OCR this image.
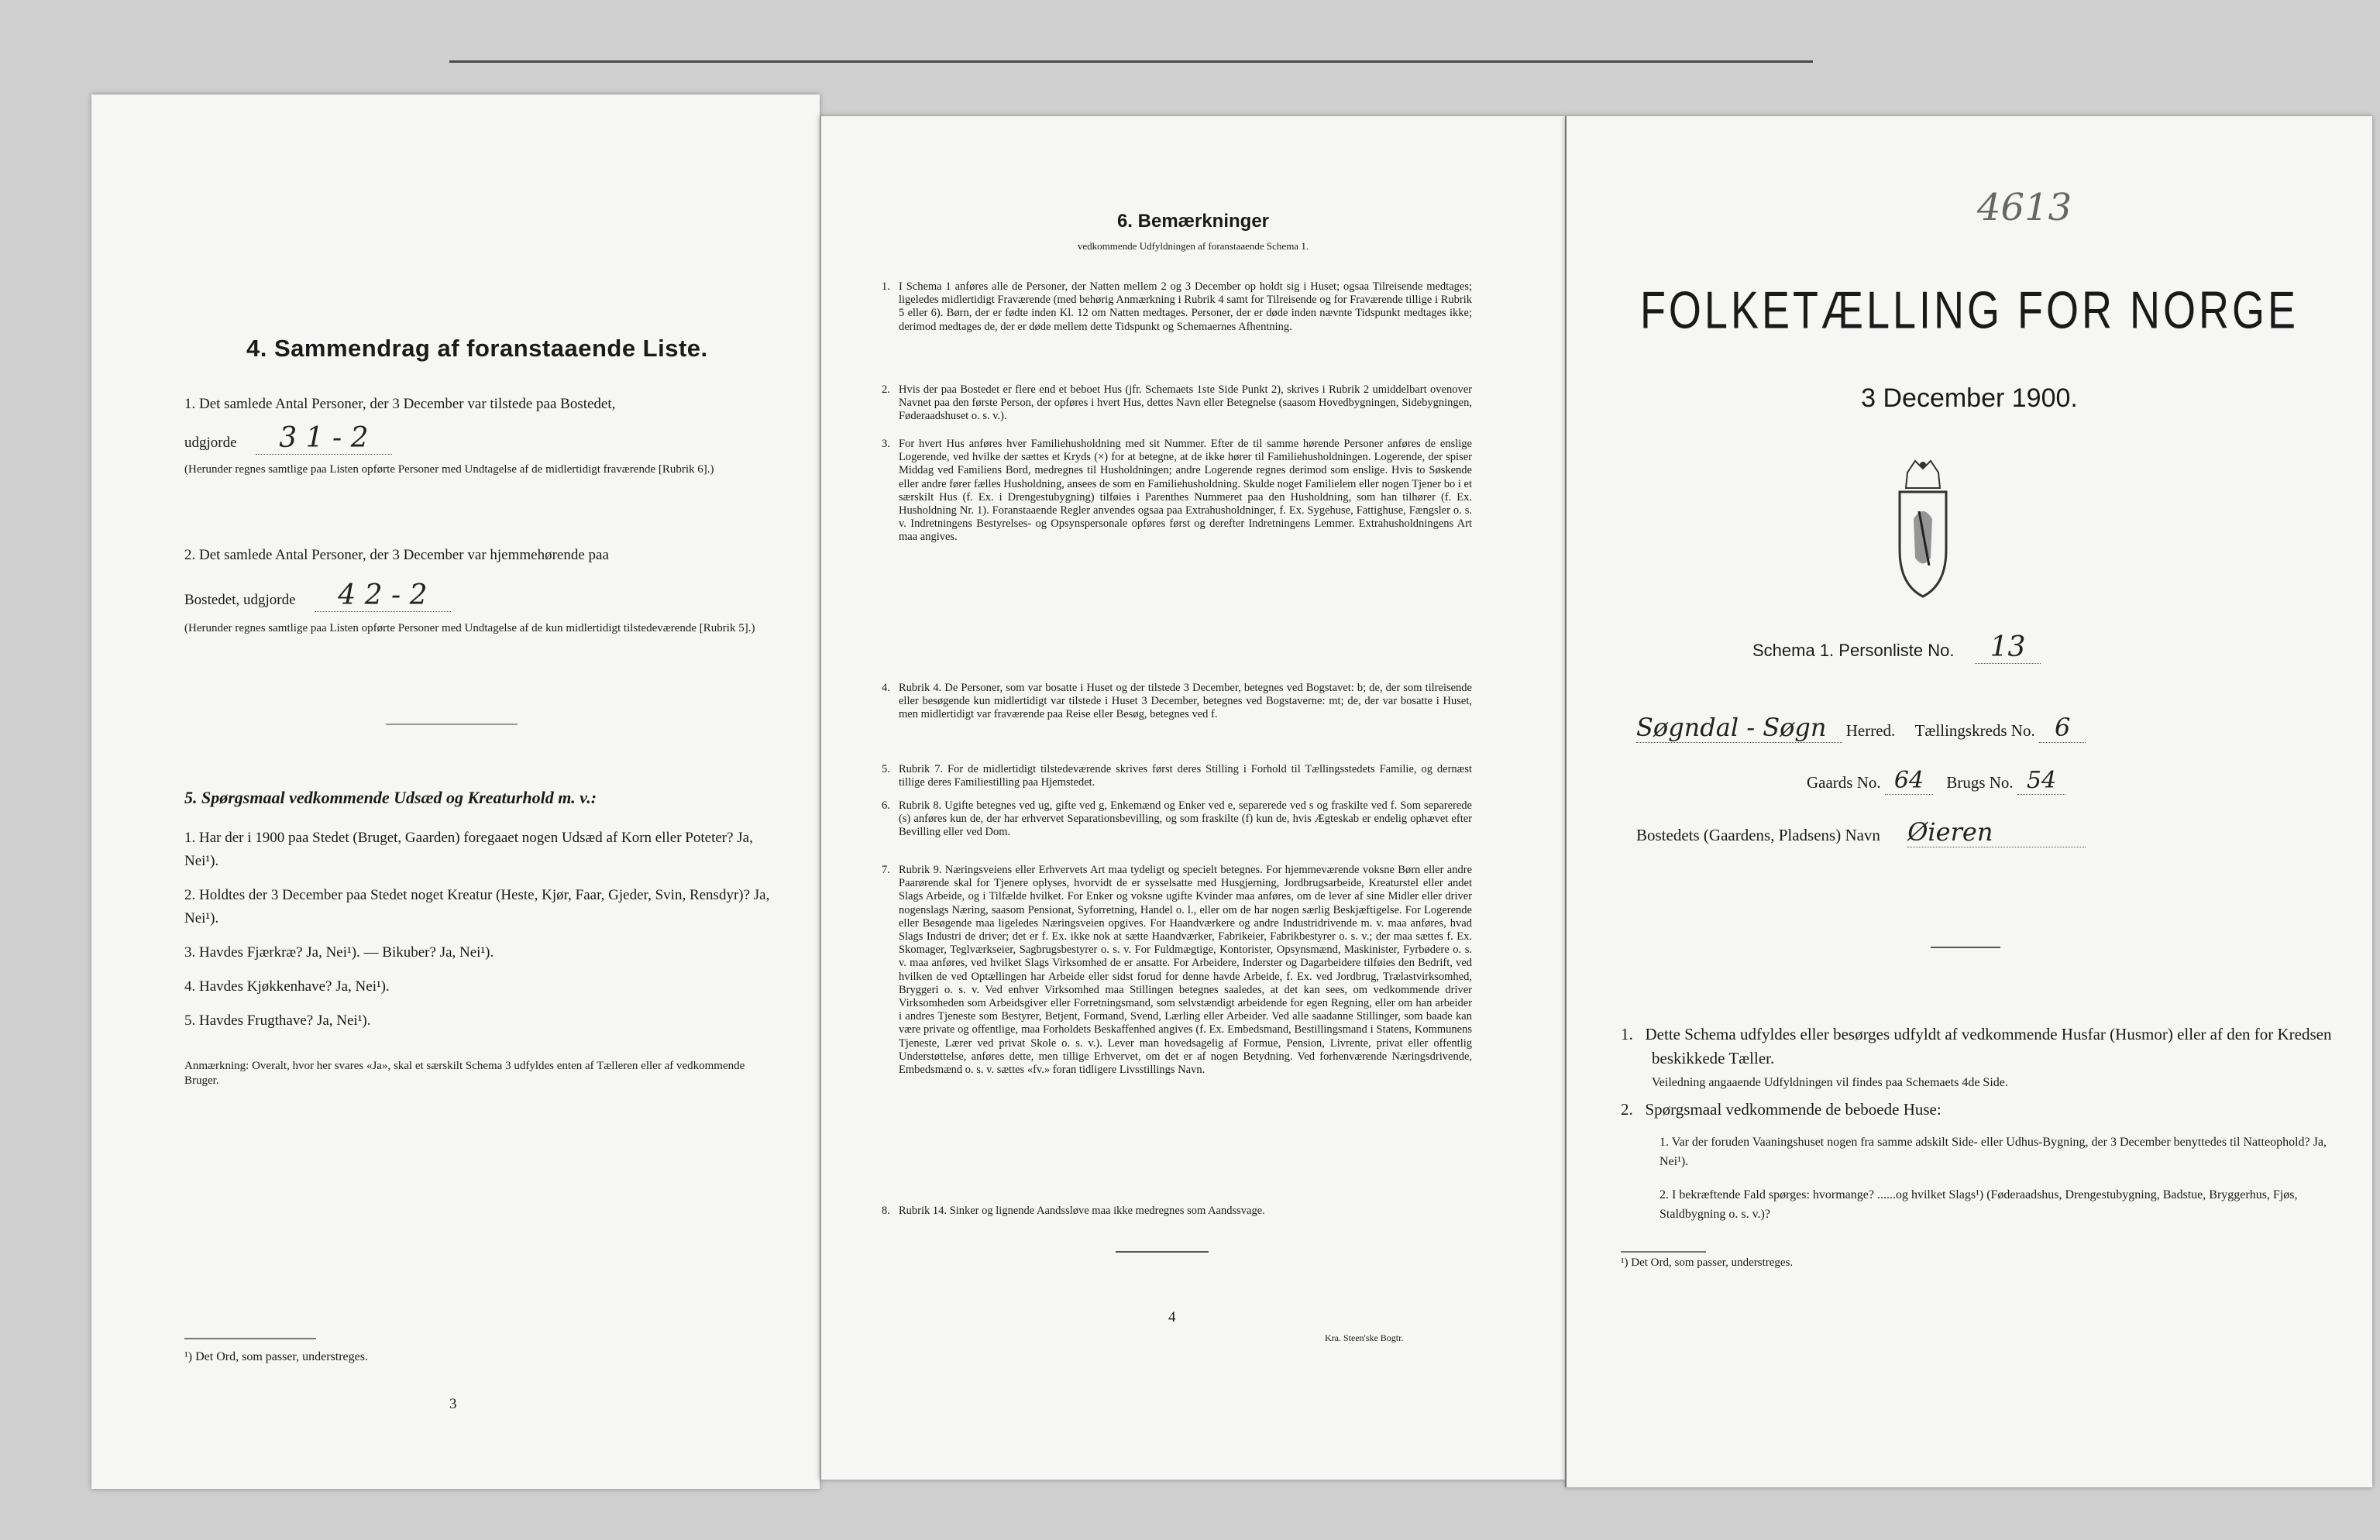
4. Sammendrag af foranstaaende Liste.
1. Det samlede Antal Personer, der 3 December var tilstede paa Bostedet,
udgjorde 3 1 - 2
(Herunder regnes samtlige paa Listen opførte Personer med Undtagelse af de midlertidigt fraværende [Rubrik 6].)
2. Det samlede Antal Personer, der 3 December var hjemmehørende paa
Bostedet, udgjorde 4 2 - 2
(Herunder regnes samtlige paa Listen opførte Personer med Undtagelse af de kun midlertidigt tilstedeværende [Rubrik 5].)
5. Spørgsmaal vedkommende Udsæd og Kreaturhold m. v.:
1. Har der i 1900 paa Stedet (Bruget, Gaarden) foregaaet nogen Udsæd af Korn eller Poteter? Ja, Nei¹).
2. Holdtes der 3 December paa Stedet noget Kreatur (Heste, Kjør, Faar, Gjeder, Svin, Rensdyr)? Ja, Nei¹).
3. Havdes Fjærkræ? Ja, Nei¹). — Bikuber? Ja, Nei¹).
4. Havdes Kjøkkenhave? Ja, Nei¹).
5. Havdes Frugthave? Ja, Nei¹).
Anmærkning: Overalt, hvor her svares «Ja», skal et særskilt Schema 3 udfyldes enten af Tælleren eller af vedkommende Bruger.
¹) Det Ord, som passer, understreges.
3
6. Bemærkninger
vedkommende Udfyldningen af foranstaaende Schema 1.
1. I Schema 1 anføres alle de Personer, der Natten mellem 2 og 3 December op holdt sig i Huset; ogsaa Tilreisende medtages; ligeledes midlertidigt Fraværende (med behørig Anmærkning i Rubrik 4 samt for Tilreisende og for Fraværende tillige i Rubrik 5 eller 6). Børn, der er fødte inden Kl. 12 om Natten medtages. Personer, der er døde inden nævnte Tidspunkt medtages ikke; derimod medtages de, der er døde mellem dette Tidspunkt og Schemaernes Afhentning.
2. Hvis der paa Bostedet er flere end et beboet Hus (jfr. Schemaets 1ste Side Punkt 2), skrives i Rubrik 2 umiddelbart ovenover Navnet paa den første Person, der opføres i hvert Hus, dettes Navn eller Betegnelse (saasom Hovedbygningen, Sidebygningen, Føderaadshuset o. s. v.).
3. For hvert Hus anføres hver Familiehusholdning med sit Nummer. Efter de til samme hørende Personer anføres de enslige Logerende, ved hvilke der sættes et Kryds (×) for at betegne, at de ikke hører til Familiehusholdningen. Logerende, der spiser Middag ved Familiens Bord, medregnes til Husholdningen; andre Logerende regnes derimod som enslige. Hvis to Søskende eller andre fører fælles Husholdning, ansees de som en Familiehusholdning. Skulde noget Familielem eller nogen Tjener bo i et særskilt Hus (f. Ex. i Drengestubygning) tilføies i Parenthes Nummeret paa den Husholdning, som han tilhører (f. Ex. Husholdning Nr. 1). Foranstaaende Regler anvendes ogsaa paa Extrahusholdninger, f. Ex. Sygehuse, Fattighuse, Fængsler o. s. v. Indretningens Bestyrelses- og Opsynspersonale opføres først og derefter Indretningens Lemmer. Extrahusholdningens Art maa angives.
4. Rubrik 4. De Personer, som var bosatte i Huset og der tilstede 3 December, betegnes ved Bogstavet: b; de, der som tilreisende eller besøgende kun midlertidigt var tilstede i Huset 3 December, betegnes ved Bogstaverne: mt; de, der var bosatte i Huset, men midlertidigt var fraværende paa Reise eller Besøg, betegnes ved f.
5. Rubrik 7. For de midlertidigt tilstedeværende skrives først deres Stilling i Forhold til Tællingsstedets Familie, og dernæst tillige deres Familiestilling paa Hjemstedet.
6. Rubrik 8. Ugifte betegnes ved ug, gifte ved g, Enkemænd og Enker ved e, separerede ved s og fraskilte ved f. Som separerede (s) anføres kun de, der har erhvervet Separationsbevilling, og som fraskilte (f) kun de, hvis Ægteskab er endelig ophævet efter Bevilling eller ved Dom.
7. Rubrik 9. Næringsveiens eller Erhvervets Art maa tydeligt og specielt betegnes. For hjemmeværende voksne Børn eller andre Paarørende skal for Tjenere oplyses, hvorvidt de er sysselsatte med Husgjerning, Jordbrugsarbeide, Kreaturstel eller andet Slags Arbeide, og i Tilfælde hvilket. For Enker og voksne ugifte Kvinder maa anføres, om de lever af sine Midler eller driver nogenslags Næring, saasom Pensionat, Syforretning, Handel o. l., eller om de har nogen særlig Beskjæftigelse. For Logerende eller Besøgende maa ligeledes Næringsveien opgives. For Haandværkere og andre Industridrivende m. v. maa anføres, hvad Slags Industri de driver; det er f. Ex. ikke nok at sætte Haandværker, Fabrikeier, Fabrikbestyrer o. s. v.; der maa sættes f. Ex. Skomager, Teglværkseier, Sagbrugsbestyrer o. s. v. For Fuldmægtige, Kontorister, Opsynsmænd, Maskinister, Fyrbødere o. s. v. maa anføres, ved hvilket Slags Virksomhed de er ansatte. For Arbeidere, Inderster og Dagarbeidere tilføies den Bedrift, ved hvilken de ved Optællingen har Arbeide eller sidst forud for denne havde Arbeide, f. Ex. ved Jordbrug, Trælastvirksomhed, Bryggeri o. s. v. Ved enhver Virksomhed maa Stillingen betegnes saaledes, at det kan sees, om vedkommende driver Virksomheden som Arbeidsgiver eller Forretningsmand, som selvstændigt arbeidende for egen Regning, eller om han arbeider i andres Tjeneste som Bestyrer, Betjent, Formand, Svend, Lærling eller Arbeider. Ved alle saadanne Stillinger, som baade kan være private og offentlige, maa Forholdets Beskaffenhed angives (f. Ex. Embedsmand, Bestillingsmand i Statens, Kommunens Tjeneste, Lærer ved privat Skole o. s. v.). Lever man hovedsagelig af Formue, Pension, Livrente, privat eller offentlig Understøttelse, anføres dette, men tillige Erhvervet, om det er af nogen Betydning. Ved forhenværende Næringsdrivende, Embedsmænd o. s. v. sættes «fv.» foran tidligere Livsstillings Navn.
8. Rubrik 14. Sinker og lignende Aandssløve maa ikke medregnes som Aandssvage.
4
Kra. Steen'ske Bogtr.
4613
FOLKETÆLLING FOR NORGE
3 December 1900.
Schema 1. Personliste No. 13
Søgndal - Søgn Herred. Tællingskreds No. 6
Gaards No. 64 Brugs No. 54
Bostedets (Gaardens, Pladsens) Navn Øieren
1.   Dette Schema udfyldes eller besørges udfyldt af vedkommende Husfar (Husmor) eller af den for Kredsen beskikkede Tæller.
Veiledning angaaende Udfyldningen vil findes paa Schemaets 4de Side.
2.   Spørgsmaal vedkommende de beboede Huse:
1. Var der foruden Vaaningshuset nogen fra samme adskilt Side- eller Udhus-Bygning, der 3 December benyttedes til Natteophold? Ja, Nei¹).
2. I bekræftende Fald spørges: hvormange? ......og hvilket Slags¹) (Føderaadshus, Drengestubygning, Badstue, Bryggerhus, Fjøs, Staldbygning o. s. v.)?
¹) Det Ord, som passer, understreges.
